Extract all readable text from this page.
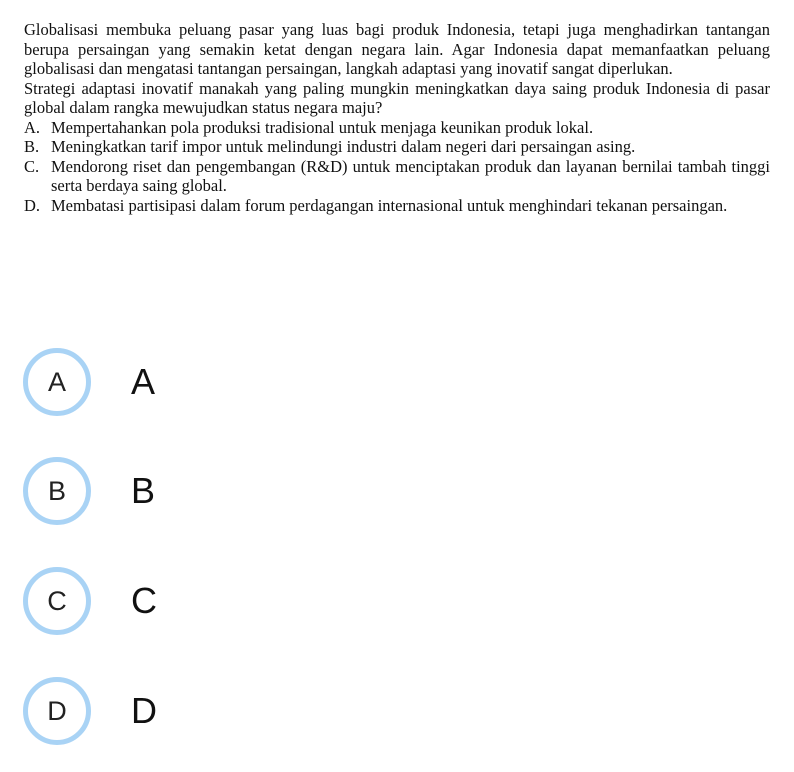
Globalisasi membuka peluang pasar yang luas bagi produk Indonesia, tetapi juga menghadirkan tantangan berupa persaingan yang semakin ketat dengan negara lain. Agar Indonesia dapat memanfaatkan peluang globalisasi dan mengatasi tantangan persaingan, langkah adaptasi yang inovatif sangat diperlukan.

Strategi adaptasi inovatif manakah yang paling mungkin meningkatkan daya saing produk Indonesia di pasar global dalam rangka mewujudkan status negara maju?

A. Mempertahankan pola produksi tradisional untuk menjaga keunikan produk lokal.
B. Meningkatkan tarif impor untuk melindungi industri dalam negeri dari persaingan asing.
C. Mendorong riset dan pengembangan (R&D) untuk menciptakan produk dan layanan bernilai tambah tinggi serta berdaya saing global.
D. Membatasi partisipasi dalam forum perdagangan internasional untuk menghindari tekanan persaingan.
A	A
B	B
C	C
D	D
